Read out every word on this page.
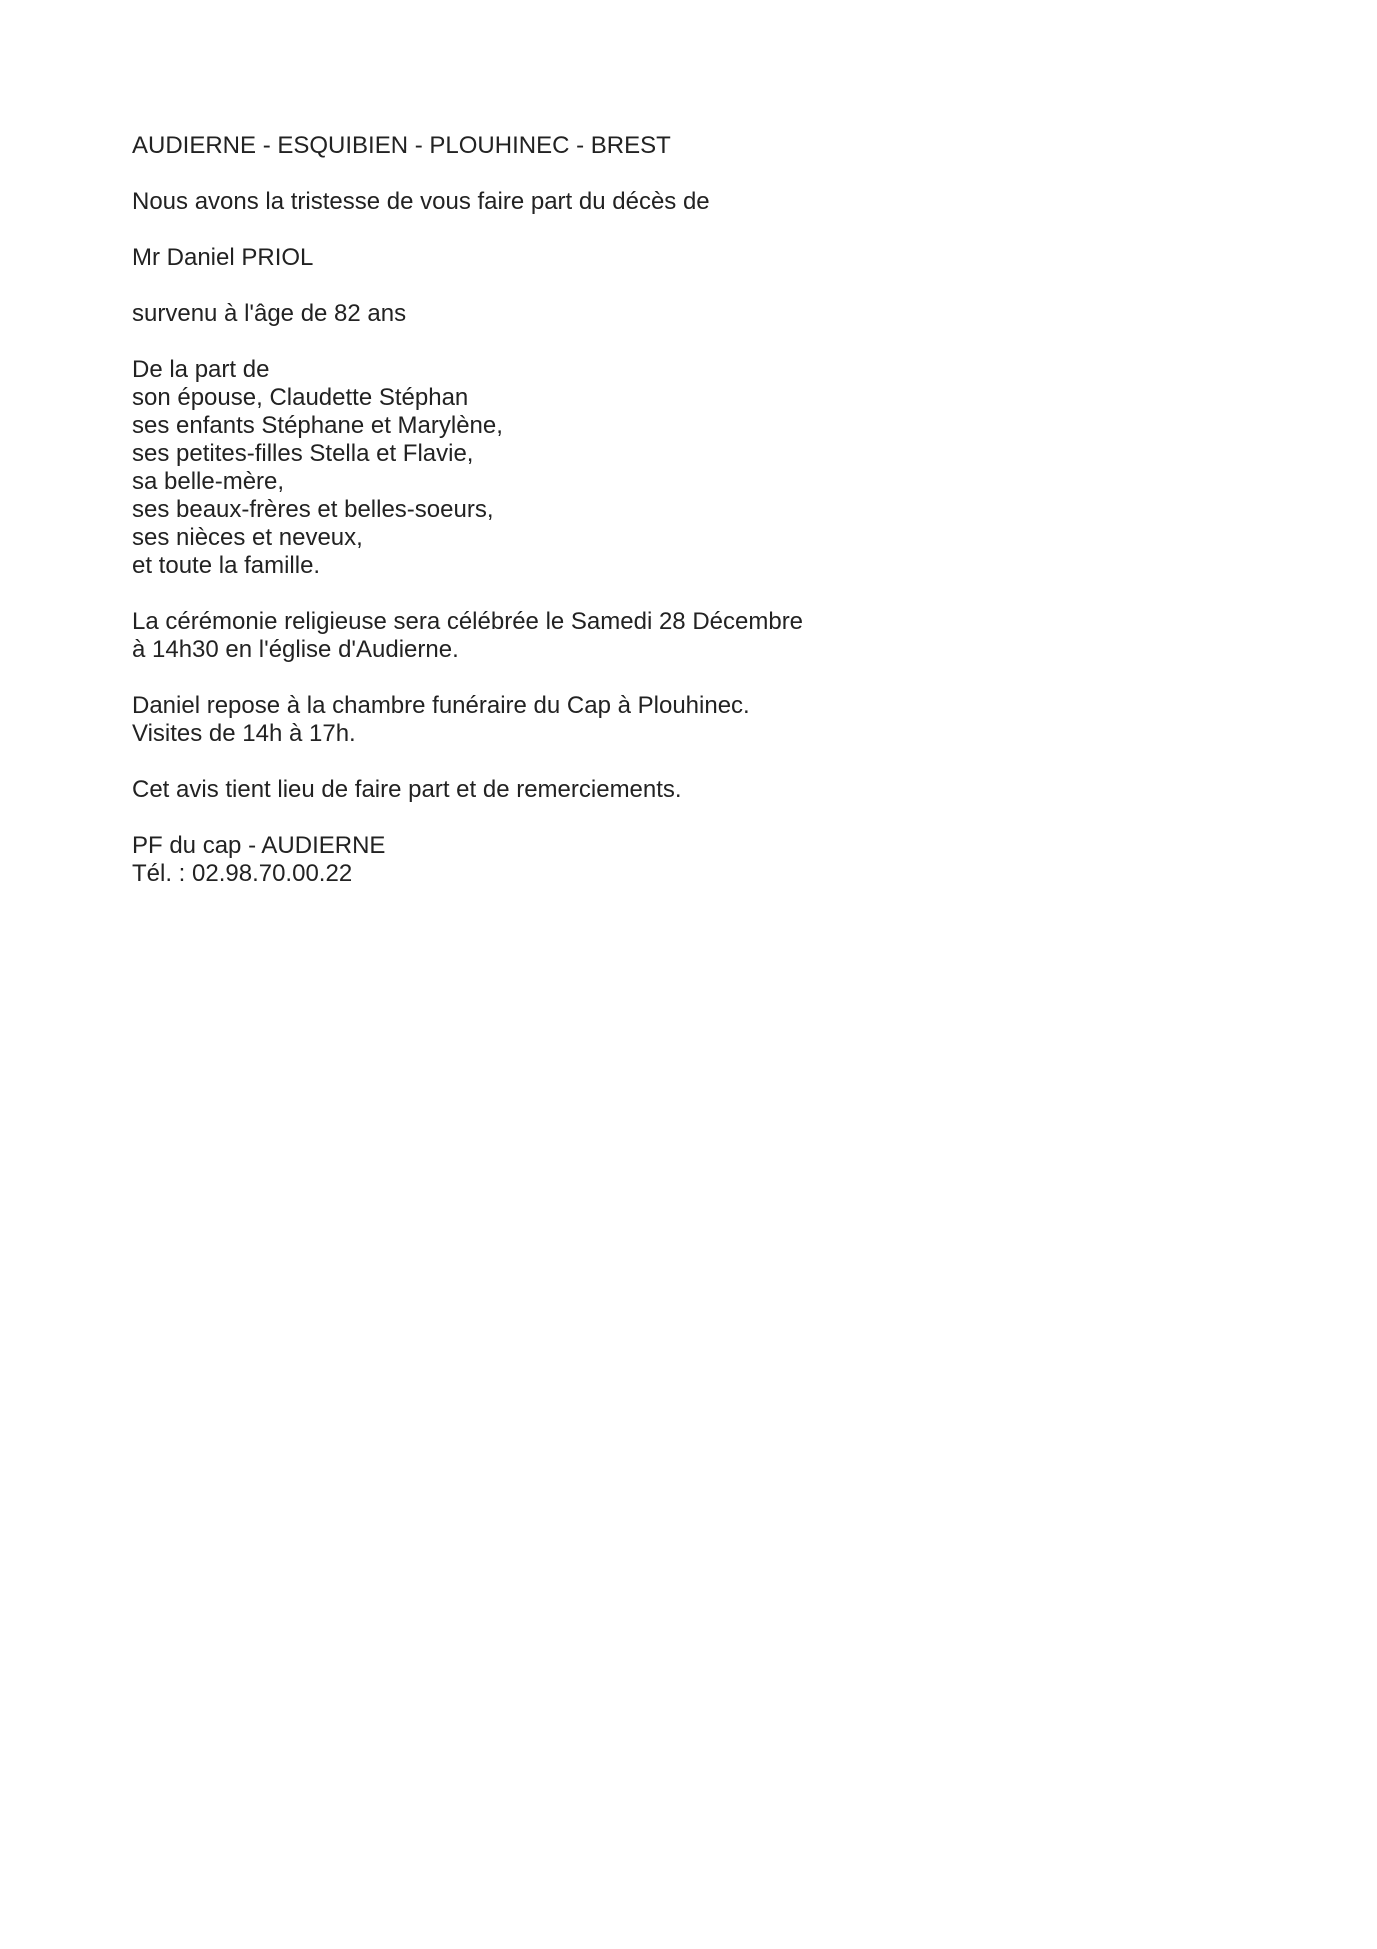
AUDIERNE - ESQUIBIEN - PLOUHINEC - BREST

Nous avons la tristesse de vous faire part du décès de

Mr Daniel PRIOL

survenu à l'âge de 82 ans

De la part de
son épouse, Claudette Stéphan
ses enfants Stéphane et Marylène,
ses petites-filles Stella et Flavie,
sa belle-mère,
ses beaux-frères et belles-soeurs,
ses nièces et neveux,
et toute la famille.

La cérémonie religieuse sera célébrée le Samedi 28 Décembre
à 14h30 en l'église d'Audierne.

Daniel repose à la chambre funéraire du Cap à Plouhinec.
Visites de 14h à 17h.

Cet avis tient lieu de faire part et de remerciements.

PF du cap - AUDIERNE
Tél. : 02.98.70.00.22
